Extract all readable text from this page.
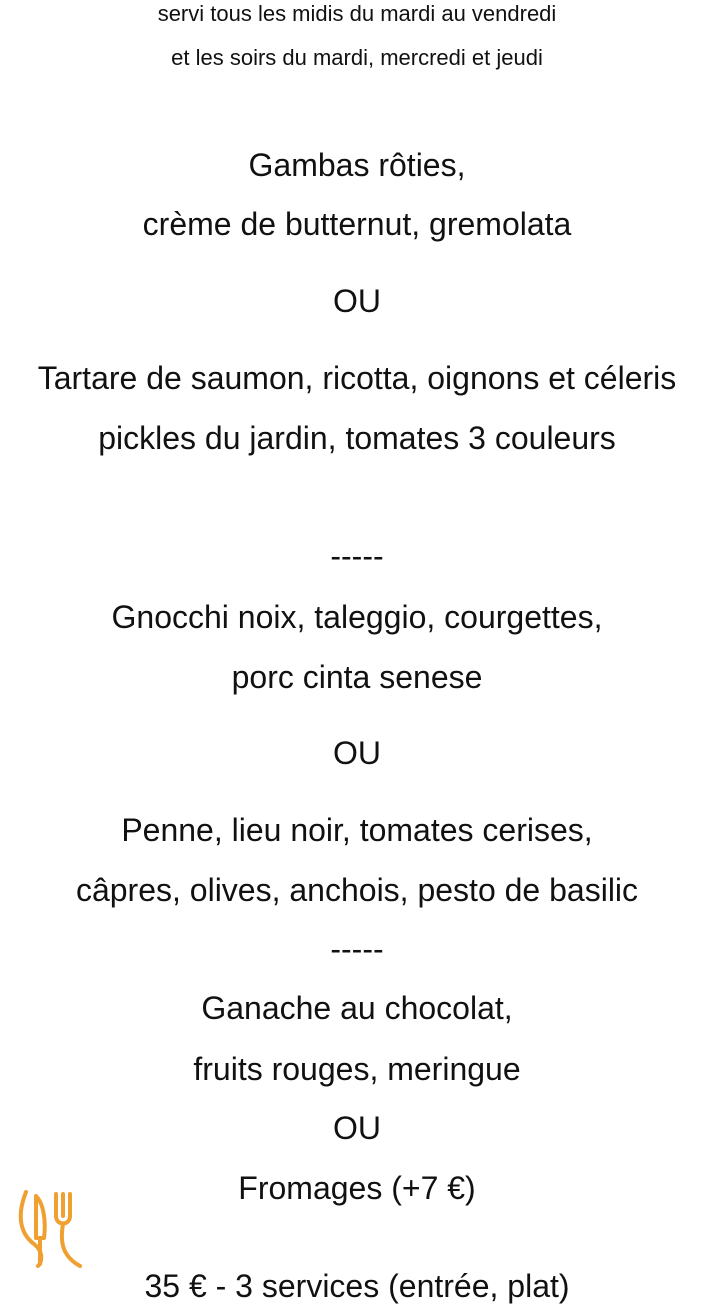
servi tous les midis du mardi au vendredi
et les soirs du mardi, mercredi et jeudi
Gambas rôties,
crème de butternut, gremolata
OU
Tartare de saumon, ricotta, oignons et céleris
pickles du jardin, tomates 3 couleurs
-----
Gnocchi noix, taleggio, courgettes,
porc cinta senese
OU
Penne, lieu noir, tomates cerises,
câpres, olives, anchois, pesto de basilic
-----
Ganache au chocolat,
fruits rouges, meringue
OU
Fromages (+7 €)
35 € - 3 services (entrée, plat)
